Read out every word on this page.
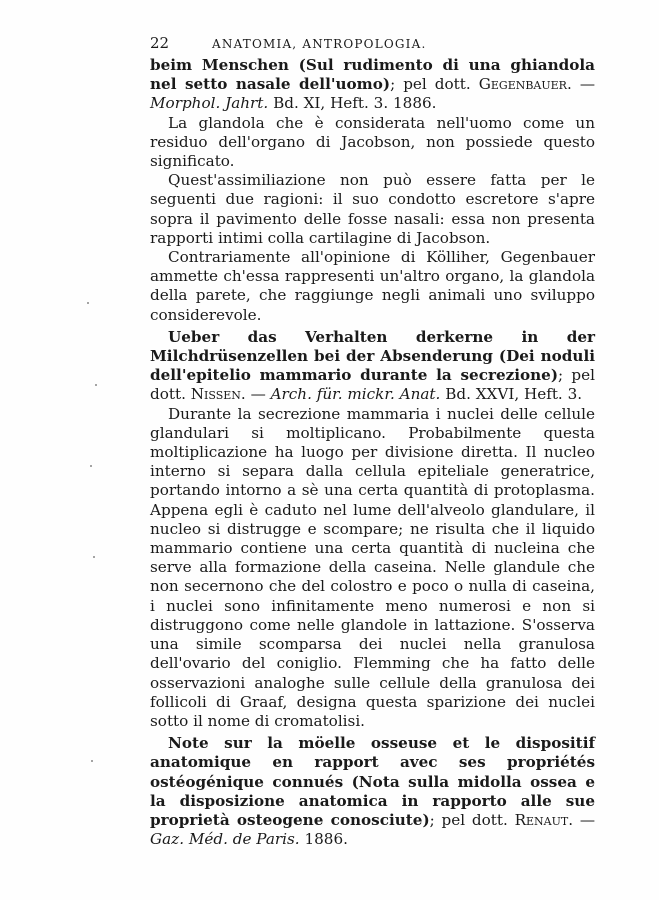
22	ANATOMIA, ANTROPOLOGIA.

beim Menschen (Sul rudimento di una ghiandola nel setto nasale dell'uomo); pel dott. Gegenbauer. — Morphol. Jahrt. Bd. XI, Heft. 3. 1886.

La glandola che è considerata nell'uomo come un residuo dell'organo di Jacobson, non possiede questo significato.

Quest'assimiliazione non può essere fatta per le seguenti due ragioni: il suo condotto escretore s'apre sopra il pavimento delle fosse nasali: essa non presenta rapporti intimi colla cartilagine di Jacobson.

Contrariamente all'opinione di Kölliher, Gegenbauer ammette ch'essa rappresenti un'altro organo, la glandola della parete, che raggiunge negli animali uno sviluppo considerevole.

Ueber das Verhalten derkerne in der Milchdrüsenzellen bei der Absenderung (Dei noduli dell'epitelio mammario durante la secrezione); pel dott. Nissen. — Arch. für. mickr. Anat. Bd. XXVI, Heft. 3.

Durante la secrezione mammaria i nuclei delle cellule glandulari si moltiplicano. Probabilmente questa moltiplicazione ha luogo per divisione diretta. Il nucleo interno si separa dalla cellula epiteliale generatrice, portando intorno a sè una certa quantità di protoplasma. Appena egli è caduto nel lume dell'alveolo glandulare, il nucleo si distrugge e scompare; ne risulta che il liquido mammario contiene una certa quantità di nucleina che serve alla formazione della caseina. Nelle glandule che non secernono che del colostro e poco o nulla di caseina, i nuclei sono infinitamente meno numerosi e non si distruggono come nelle glandole in lattazione. S'osserva una simile scomparsa dei nuclei nella granulosa dell'ovario del coniglio. Flemming che ha fatto delle osservazioni analoghe sulle cellule della granulosa dei follicoli di Graaf, designa questa sparizione dei nuclei sotto il nome di cromatolisi.

Note sur la möelle osseuse et le dispositif anatomique en rapport avec ses propriétés ostéogénique connués (Nota sulla midolla ossea e la disposizione anatomica in rapporto alle sue proprietà osteogene conosciute); pel dott. Renaut. — Gaz. Méd. de Paris. 1886.
